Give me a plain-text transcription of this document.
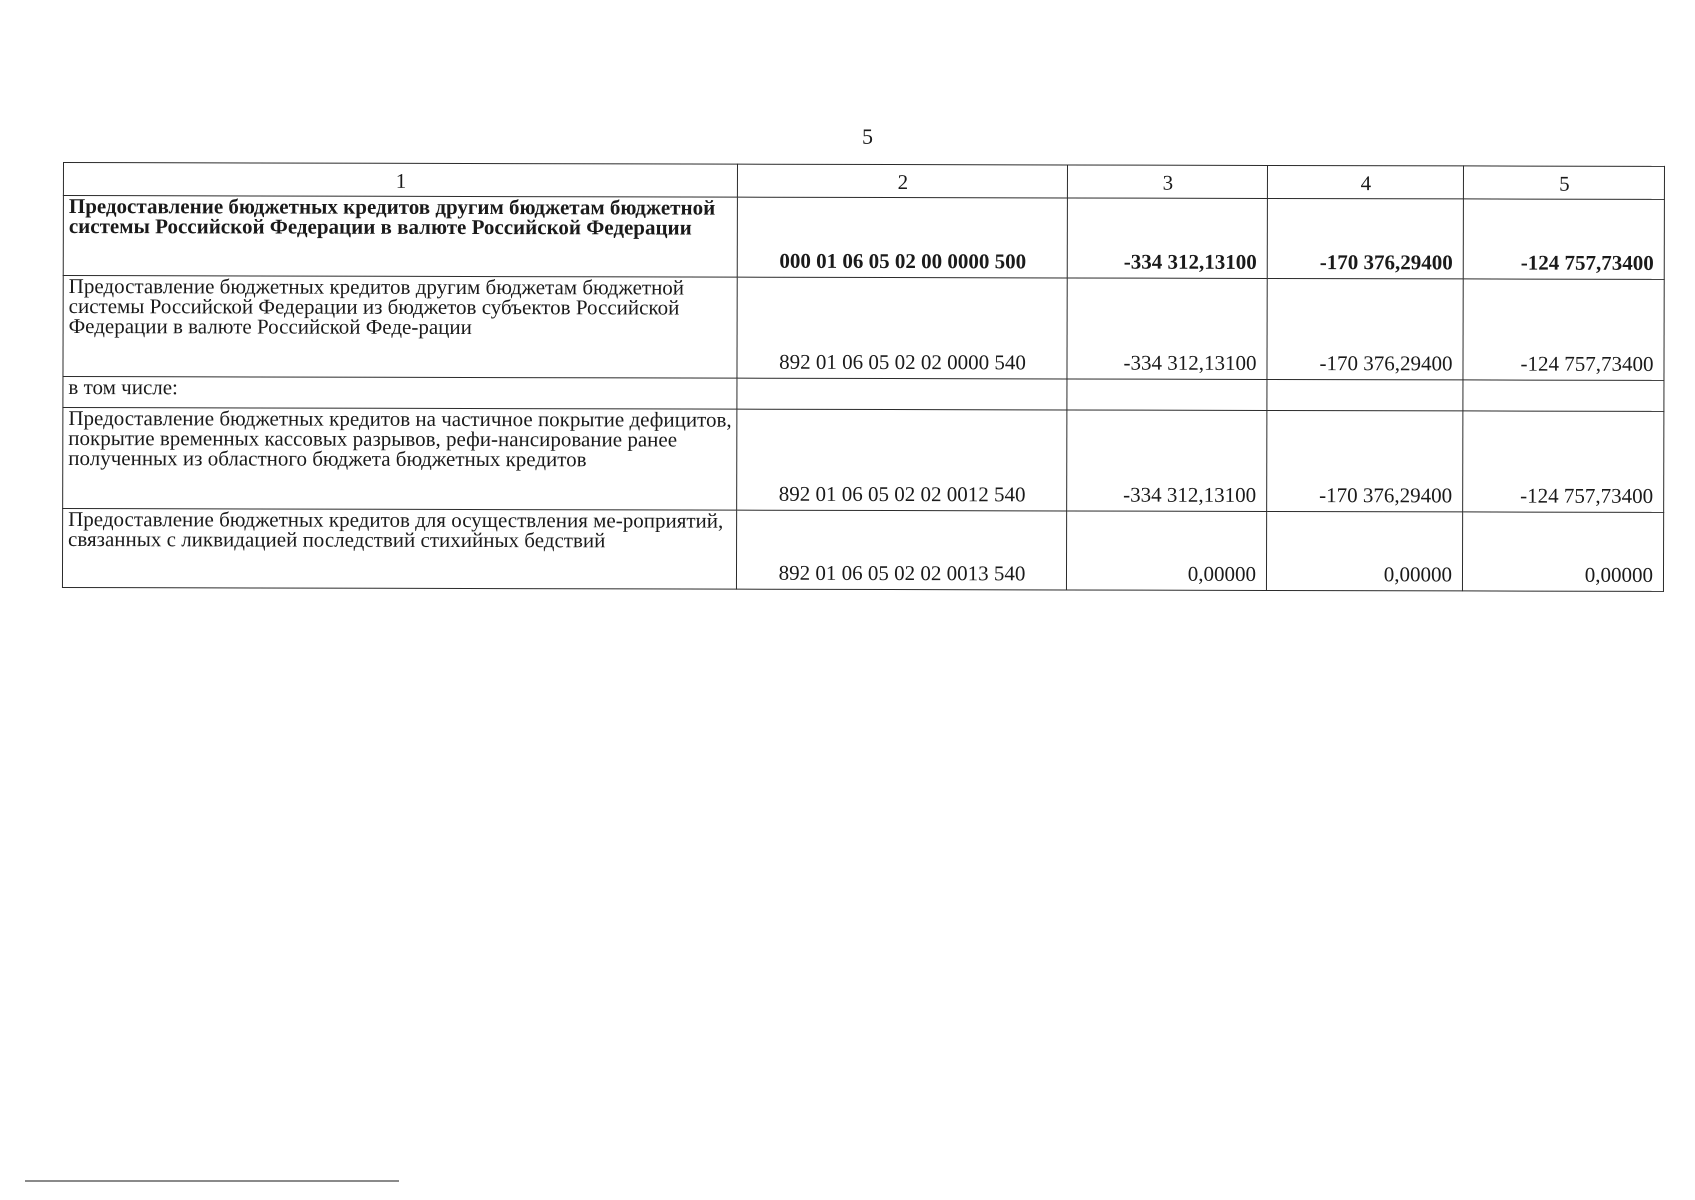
5
1	2	3	4	5
Предоставление бюджетных кредитов другим бюджетам бюджетной системы Российской Федерации в валюте Российской Федерации	000 01 06 05 02 00 0000 500	-334 312,13100	-170 376,29400	-124 757,73400
Предоставление бюджетных кредитов другим бюджетам бюджетной системы Российской Федерации из бюджетов субъектов Российской Федерации в валюте Российской Феде-рации	892 01 06 05 02 02 0000 540	-334 312,13100	-170 376,29400	-124 757,73400
в том числе:				
Предоставление бюджетных кредитов на частичное покрытие дефицитов, покрытие временных кассовых разрывов, рефи-нансирование ранее полученных из областного бюджета бюджетных кредитов	892 01 06 05 02 02 0012 540	-334 312,13100	-170 376,29400	-124 757,73400
Предоставление бюджетных кредитов для осуществления ме-роприятий, связанных с ликвидацией последствий стихийных бедствий	892 01 06 05 02 02 0013 540	0,00000	0,00000	0,00000
